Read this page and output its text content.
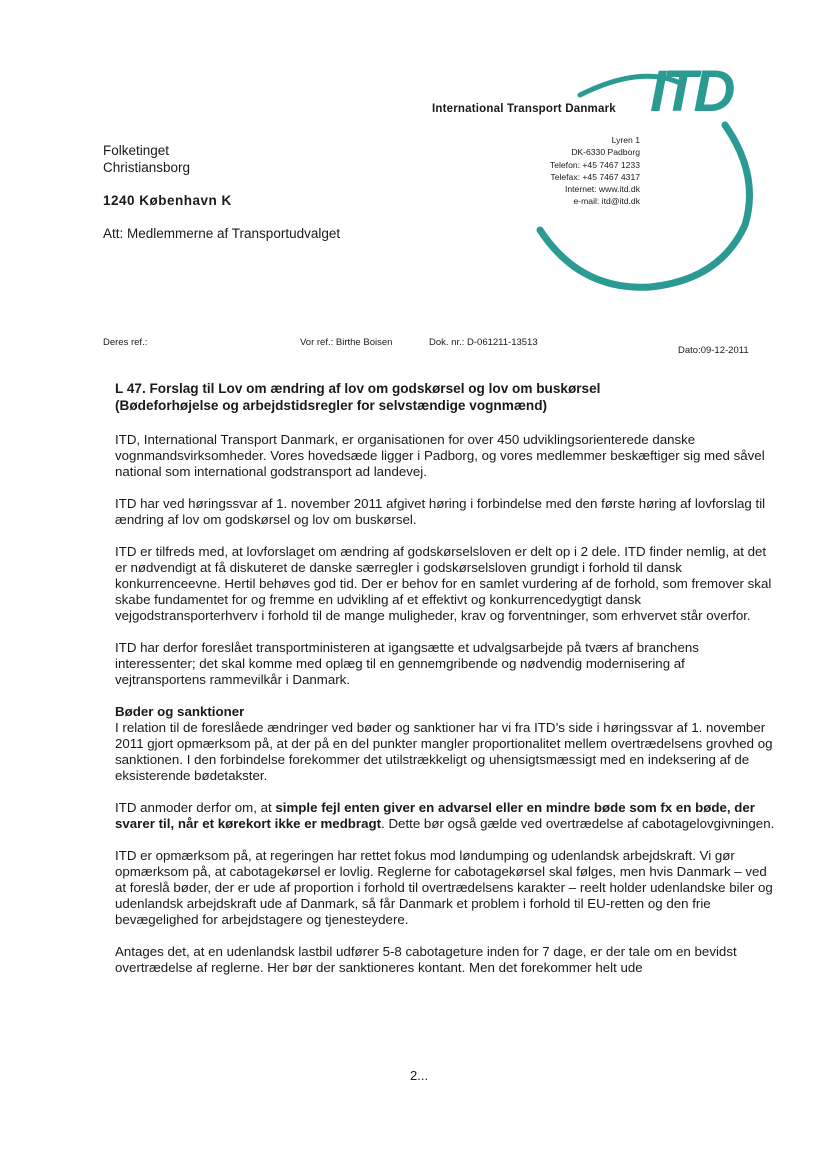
ITD
International Transport Danmark
Lyren 1
DK-6330 Padborg
Telefon: +45 7467 1233
Telefax: +45 7467 4317
Internet: www.itd.dk
e-mail: itd@itd.dk
Folketinget
Christiansborg
1240 København K
Att: Medlemmerne af Transportudvalget
Deres ref.:	Vor ref.: Birthe Boisen	Dok. nr.: D-061211-13513
Dato:09-12-2011
L 47. Forslag til Lov om ændring af lov om godskørsel og lov om buskørsel
(Bødeforhøjelse og arbejdstidsregler for selvstændige vognmænd)

ITD, International Transport Danmark, er organisationen for over 450 udviklingsorienterede danske vognmandsvirksomheder. Vores hovedsæde ligger i Padborg, og vores medlemmer beskæftiger sig med såvel national som international godstransport ad landevej.

ITD har ved høringssvar af 1. november 2011 afgivet høring i forbindelse med den første høring af lovforslag til ændring af lov om godskørsel og lov om buskørsel.

ITD er tilfreds med, at lovforslaget om ændring af godskørselsloven er delt op i 2 dele. ITD finder nemlig, at det er nødvendigt at få diskuteret de danske særregler i godskørselsloven grundigt i forhold til dansk konkurrenceevne. Hertil behøves god tid. Der er behov for en samlet vurdering af de forhold, som fremover skal skabe fundamentet for og fremme en udvikling af et effektivt og konkurrencedygtigt dansk vejgodstransporterhverv i forhold til de mange muligheder, krav og forventninger, som erhvervet står overfor.

ITD har derfor foreslået transportministeren at igangsætte et udvalgsarbejde på tværs af branchens interessenter; det skal komme med oplæg til en gennemgribende og nødvendig modernisering af vejtransportens rammevilkår i Danmark.

Bøder og sanktioner

I relation til de foreslåede ændringer ved bøder og sanktioner har vi fra ITD’s side i høringssvar af 1. november 2011 gjort opmærksom på, at der på en del punkter mangler proportionalitet mellem overtrædelsens grovhed og sanktionen. I den forbindelse forekommer det utilstrækkeligt og uhensigtsmæssigt med en indeksering af de eksisterende bødetakster.

ITD anmoder derfor om, at simple fejl enten giver en advarsel eller en mindre bøde som fx en bøde, der svarer til, når et kørekort ikke er medbragt. Dette bør også gælde ved overtrædelse af cabotagelovgivningen.

ITD er opmærksom på, at regeringen har rettet fokus mod løndumping og udenlandsk arbejdskraft. Vi gør opmærksom på, at cabotagekørsel er lovlig. Reglerne for cabotagekørsel skal følges, men hvis Danmark – ved at foreslå bøder, der er ude af proportion i forhold til overtrædelsens karakter – reelt holder udenlandske biler og udenlandsk arbejdskraft ude af Danmark, så får Danmark et problem i forhold til EU-retten og den frie bevægelighed for arbejdstagere og tjenesteydere.

Antages det, at en udenlandsk lastbil udfører 5-8 cabotageture inden for 7 dage, er der tale om en bevidst overtrædelse af reglerne. Her bør der sanktioneres kontant. Men det forekommer helt ude

2...
